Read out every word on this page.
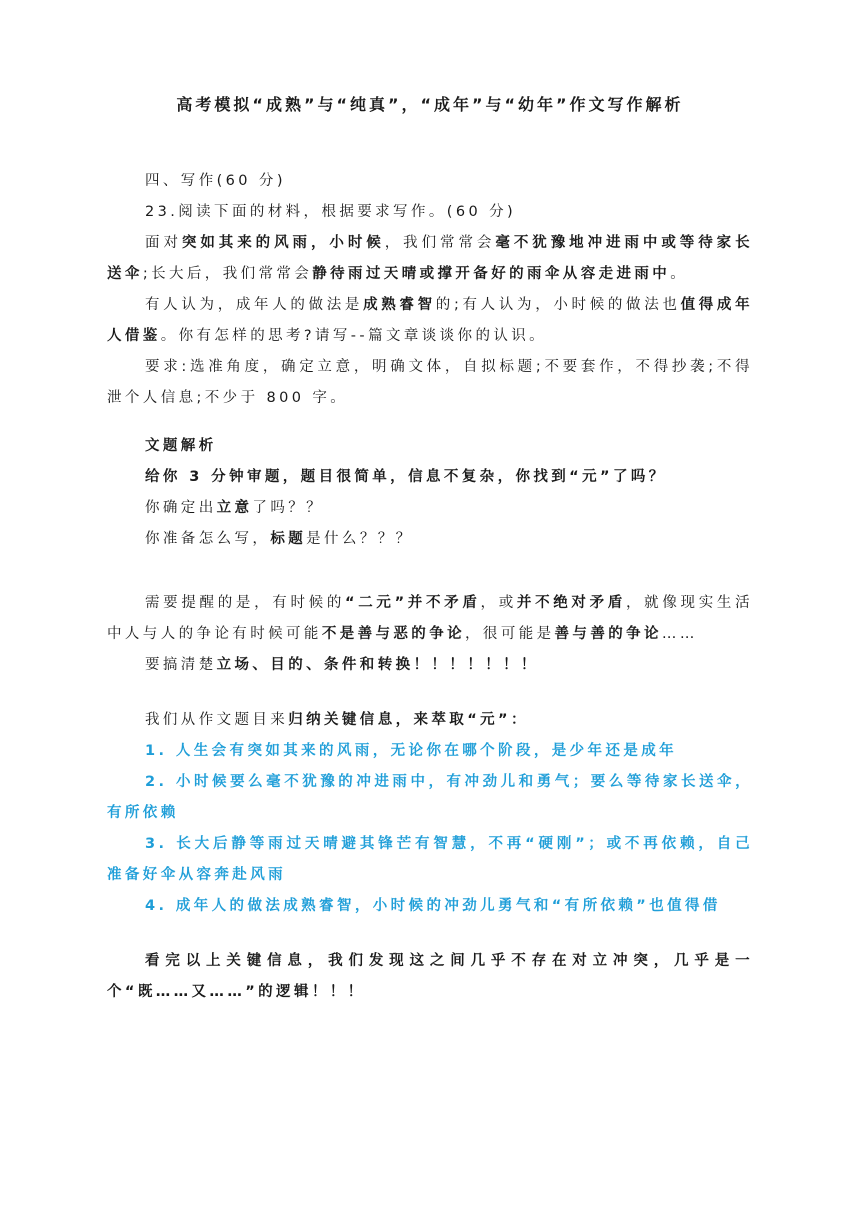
高考模拟“成熟”与“纯真”，“成年”与“幼年”作文写作解析

四、写作(60 分)

23.阅读下面的材料，根据要求写作。(60 分)

面对突如其来的风雨，小时候，我们常常会毫不犹豫地冲进雨中或等待家长送伞;长大后，我们常常会静待雨过天晴或撑开备好的雨伞从容走进雨中。

有人认为，成年人的做法是成熟睿智的;有人认为，小时候的做法也值得成年人借鉴。你有怎样的思考?请写--篇文章谈谈你的认识。

要求:选准角度，确定立意，明确文体，自拟标题;不要套作，不得抄袭;不得泄个人信息;不少于 800 字。

文题解析

给你 3 分钟审题，题目很简单，信息不复杂，你找到“元”了吗？

你确定出立意了吗？？

你准备怎么写，标题是什么？？？

需要提醒的是，有时候的“二元”并不矛盾，或并不绝对矛盾，就像现实生活中人与人的争论有时候可能不是善与恶的争论，很可能是善与善的争论……

要搞清楚立场、目的、条件和转换！！！！！！！

我们从作文题目来归纳关键信息，来萃取“元”：

1. 人生会有突如其来的风雨，无论你在哪个阶段，是少年还是成年

2. 小时候要么毫不犹豫的冲进雨中，有冲劲儿和勇气；要么等待家长送伞，有所依赖

3. 长大后静等雨过天晴避其锋芒有智慧，不再“硬刚”；或不再依赖，自己准备好伞从容奔赴风雨

4. 成年人的做法成熟睿智，小时候的冲劲儿勇气和“有所依赖”也值得借

看完以上关键信息，我们发现这之间几乎不存在对立冲突，几乎是一个“既……又……”的逻辑！！！
